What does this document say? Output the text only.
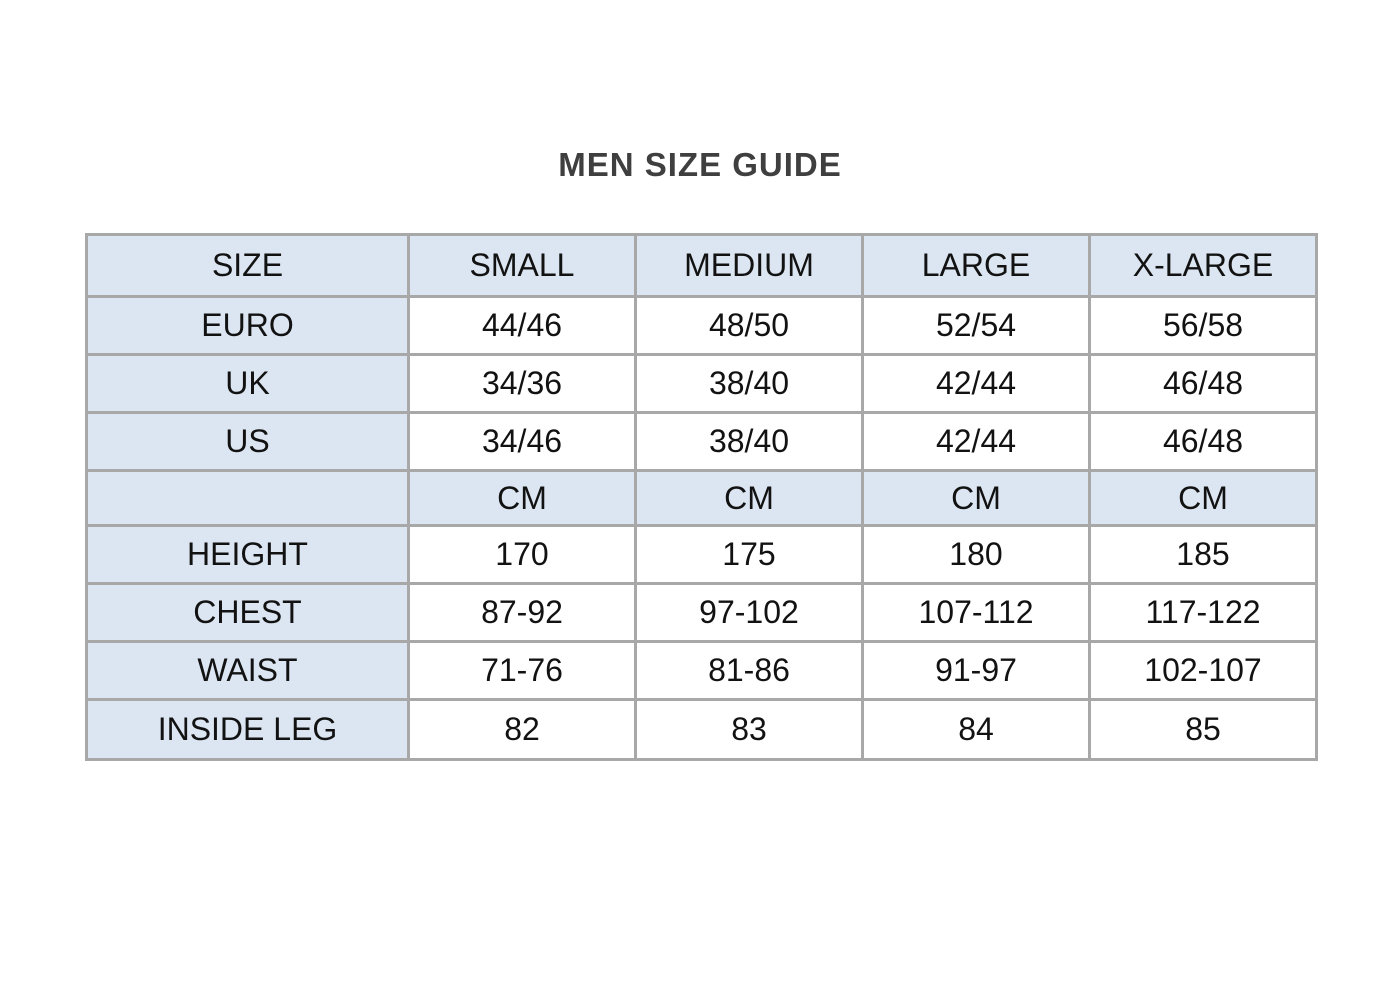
MEN SIZE GUIDE
SIZE	SMALL	MEDIUM	LARGE	X-LARGE
EURO	44/46	48/50	52/54	56/58
UK	34/36	38/40	42/44	46/48
US	34/46	38/40	42/44	46/48
	CM	CM	CM	CM
HEIGHT	170	175	180	185
CHEST	87-92	97-102	107-112	117-122
WAIST	71-76	81-86	91-97	102-107
INSIDE LEG	82	83	84	85
